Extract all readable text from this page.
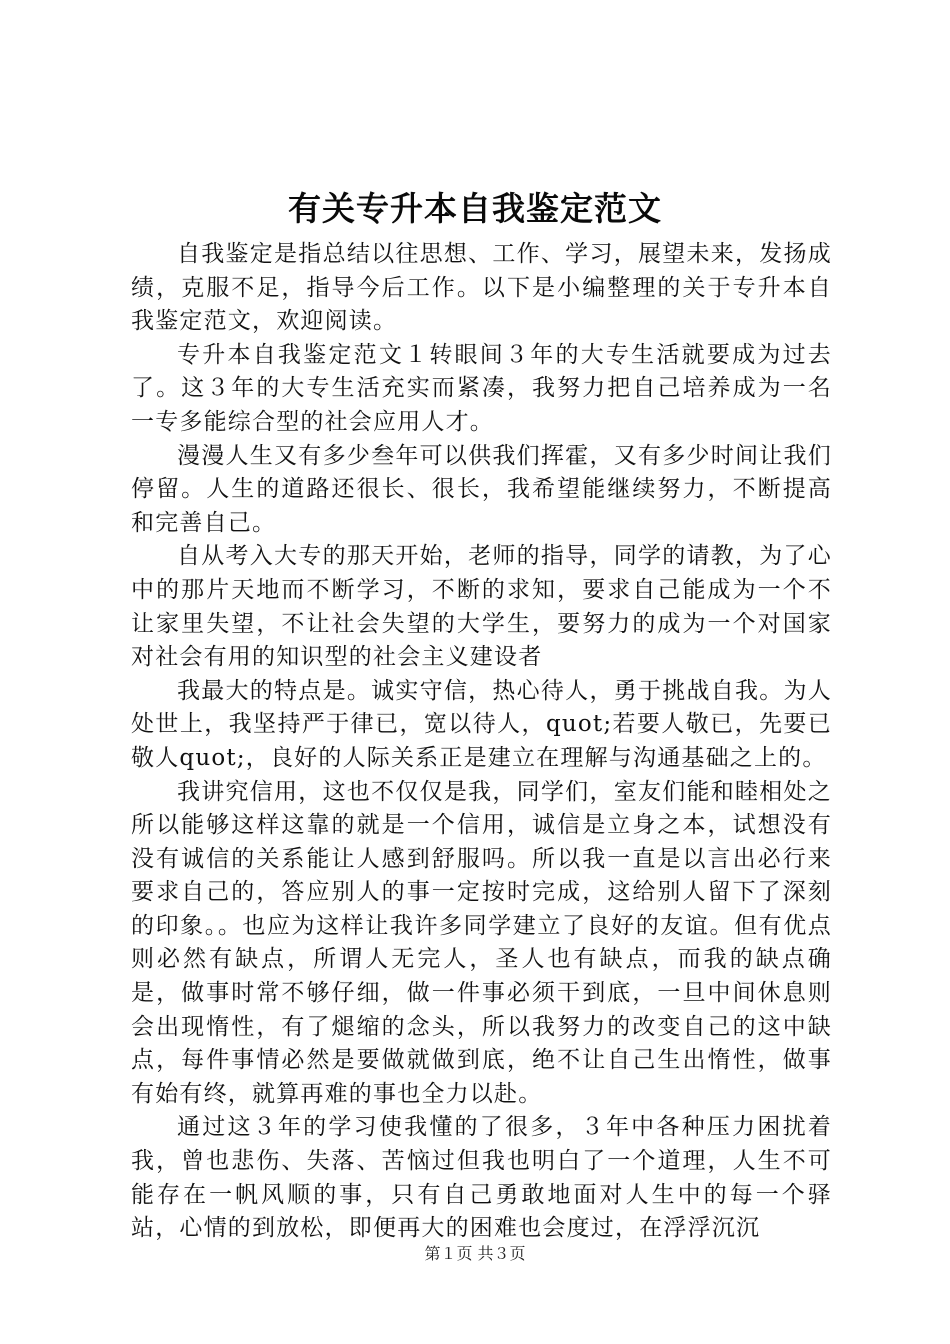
有关专升本自我鉴定范文

自我鉴定是指总结以往思想、工作、学习，展望未来，发扬成绩，克服不足，指导今后工作。以下是小编整理的关于专升本自我鉴定范文，欢迎阅读。

专升本自我鉴定范文１转眼间３年的大专生活就要成为过去了。这３年的大专生活充实而紧凑，我努力把自己培养成为一名一专多能综合型的社会应用人才。

漫漫人生又有多少叁年可以供我们挥霍，又有多少时间让我们停留。人生的道路还很长、很长，我希望能继续努力，不断提高和完善自己。

自从考入大专的那天开始，老师的指导，同学的请教，为了心中的那片天地而不断学习，不断的求知，要求自己能成为一个不让家里失望，不让社会失望的大学生，要努力的成为一个对国家对社会有用的知识型的社会主义建设者

我最大的特点是。诚实守信，热心待人，勇于挑战自我。为人处世上，我坚持严于律已，宽以待人，quot;若要人敬已，先要已敬人quot;，良好的人际关系正是建立在理解与沟通基础之上的。

我讲究信用，这也不仅仅是我，同学们，室友们能和睦相处之所以能够这样这靠的就是一个信用，诚信是立身之本，试想没有没有诚信的关系能让人感到舒服吗。所以我一直是以言出必行来要求自己的，答应别人的事一定按时完成，这给别人留下了深刻的印象。。也应为这样让我许多同学建立了良好的友谊。但有优点则必然有缺点，所谓人无完人，圣人也有缺点，而我的缺点确是，做事时常不够仔细，做一件事必须干到底，一旦中间休息则会出现惰性，有了煺缩的念头，所以我努力的改变自己的这中缺点，每件事情必然是要做就做到底，绝不让自己生出惰性，做事有始有终，就算再难的事也全力以赴。

通过这３年的学习使我懂的了很多，３年中各种压力困扰着我，曾也悲伤、失落、苦恼过但我也明白了一个道理，人生不可能存在一帆风顺的事，只有自己勇敢地面对人生中的每一个驿站，心情的到放松，即便再大的困难也会度过，在浮浮沉沉

第１页 共３页
